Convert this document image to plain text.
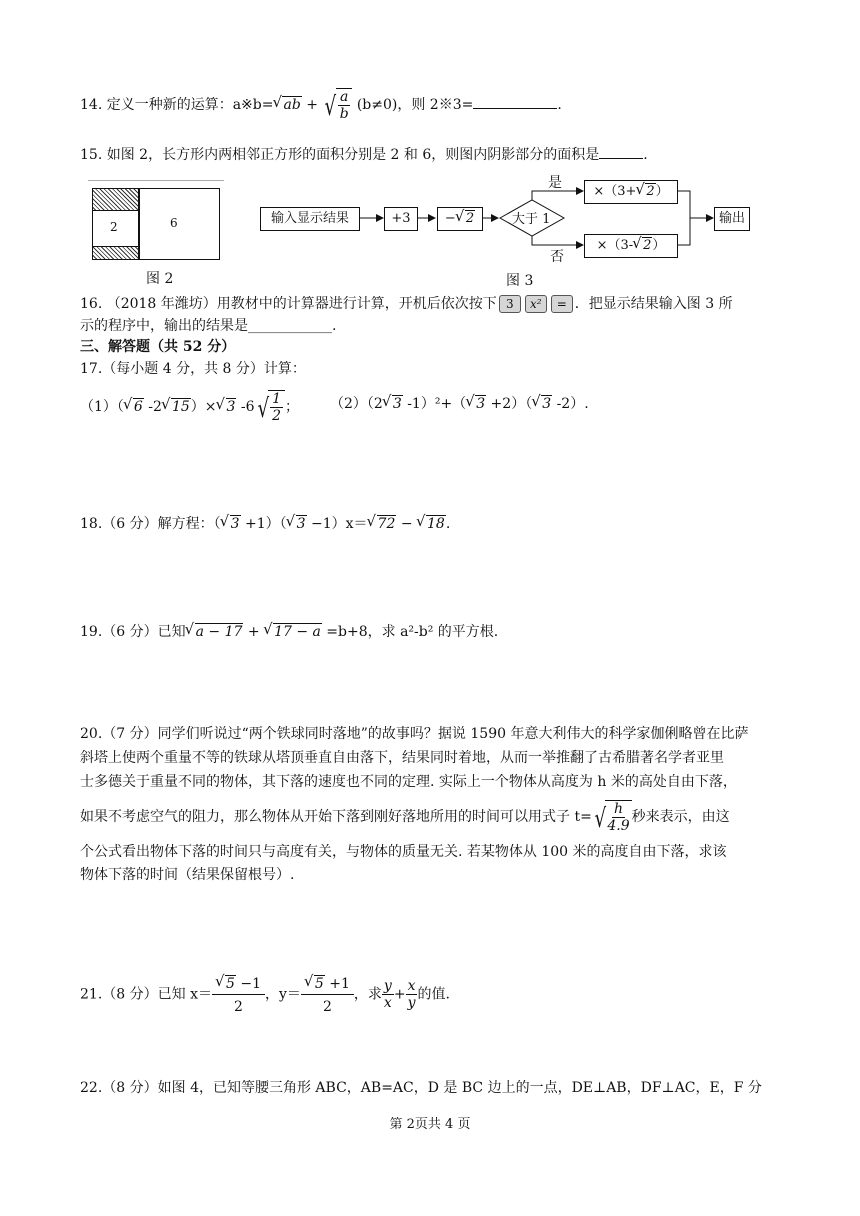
14. 定义一种新的运算：a※b= √ ab + √ $\frac{a}{b} (b\ne 0)$，则 2※3=	.
15. 如图 2，长方形内两相邻正方形的面积分别是 2 和 6，则图内阴影部分的面积是	.
2	6
图 2
输入显示结果	+3	− √ 2	大于 1
是
否
×（3+ √ 2）
×（3- √ 2）
输出
图 3
16. （2018 年潍坊）用教材中的计算器进行计算，开机后依次按下 3 x² = ．把显示结果输入图 3 所
示的程序中，输出的结果是____________.
三、解答题（共 52 分）
17.（每小题 4 分，共 8 分）计算：
（1）（ √ 6 -2 √ 15）× √ 3 -6 √ $\frac{1}{2}$ ； （2）（2 √ 3 -1）²+（ √ 3 +2）（ √ 3 -2）.
18.（6 分）解方程：（ √ 3 +1）（ √ 3 −1）x＝ √ 72 − √ 18.
19.（6 分）已知 √ a − 17 + √ 17 − a =b+8，求 a²-b² 的平方根.
20.（7 分）同学们听说过“两个铁球同时落地”的故事吗？据说 1590 年意大利伟大的科学家伽俐略曾在比萨
斜塔上使两个重量不等的铁球从塔顶垂直自由落下，结果同时着地，从而一举推翻了古希腊著名学者亚里
士多德关于重量不同的物体，其下落的速度也不同的定理. 实际上一个物体从高度为 h 米的高处自由下落，
如果不考虑空气的阻力，那么物体从开始下落到刚好落地所用的时间可以用式子 t= √ $\frac{h}{4.9}$ 秒来表示，由这
个公式看出物体下落的时间只与高度有关，与物体的质量无关. 若某物体从 100 米的高度自由下落，求该
物体下落的时间（结果保留根号）.
21.（8 分）已知 x＝ √ $\frac{5 -1}{2}$ ，y＝ √ $\frac{5 +1}{2}$ ，求 $\frac{y}{x} + \frac{x}{y}$ 的值.
22.（8 分）如图 4，已知等腰三角形 ABC，AB=AC，D 是 BC 边上的一点，DE⊥AB，DF⊥AC，E，F 分
第 2页共 4 页
